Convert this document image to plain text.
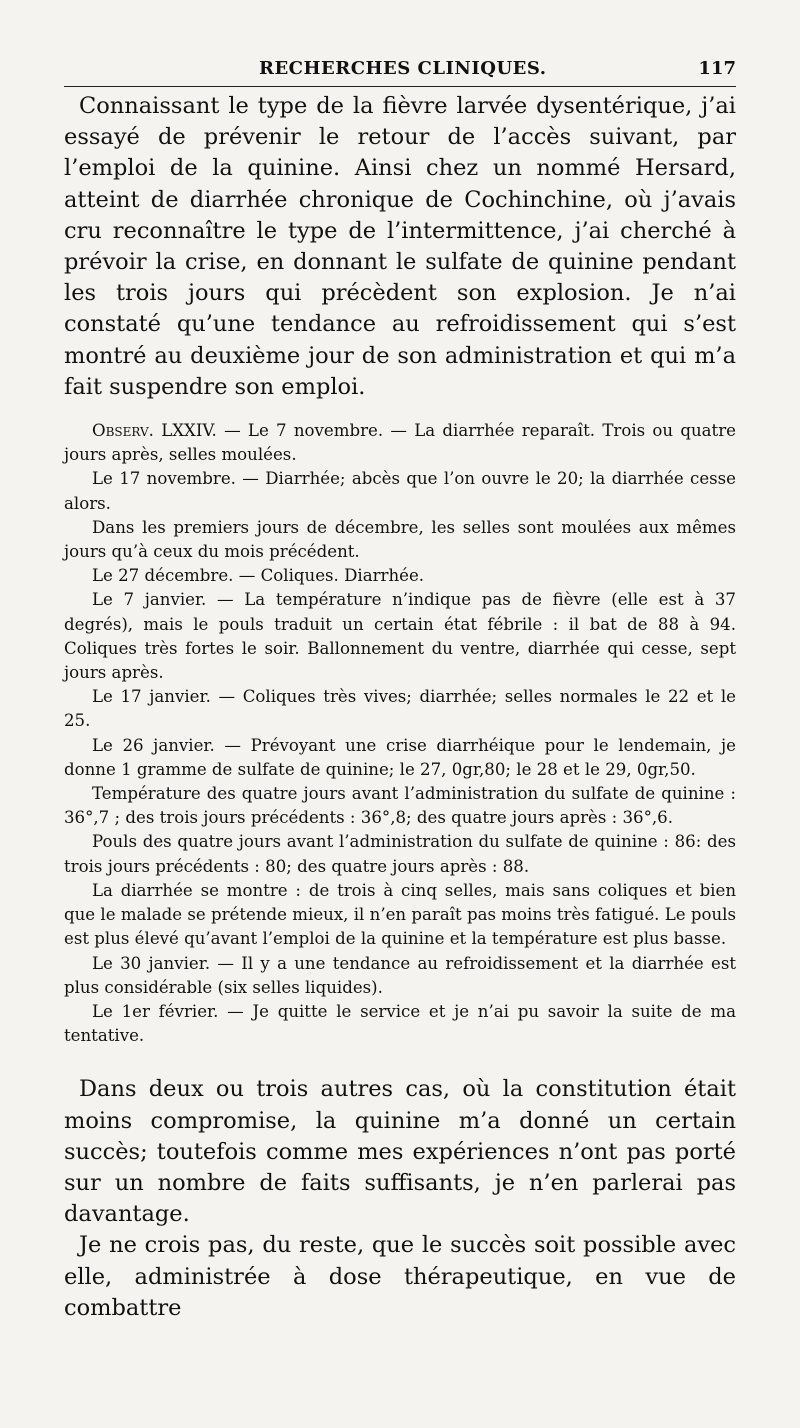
RECHERCHES CLINIQUES.	117

Connaissant le type de la fièvre larvée dysentérique, j’ai essayé de prévenir le retour de l’accès suivant, par l’emploi de la quinine. Ainsi chez un nommé Hersard, atteint de diarrhée chronique de Cochinchine, où j’avais cru reconnaître le type de l’intermittence, j’ai cherché à prévoir la crise, en donnant le sulfate de quinine pendant les trois jours qui précèdent son explosion. Je n’ai constaté qu’une tendance au refroidissement qui s’est montré au deuxième jour de son administration et qui m’a fait suspendre son emploi.

Observ. LXXIV. — Le 7 novembre. — La diarrhée reparaît. Trois ou quatre jours après, selles moulées.

Le 17 novembre. — Diarrhée; abcès que l’on ouvre le 20; la diarrhée cesse alors.

Dans les premiers jours de décembre, les selles sont moulées aux mêmes jours qu’à ceux du mois précédent.

Le 27 décembre. — Coliques. Diarrhée.

Le 7 janvier. — La température n’indique pas de fièvre (elle est à 37 degrés), mais le pouls traduit un certain état fébrile : il bat de 88 à 94. Coliques très fortes le soir. Ballonnement du ventre, diarrhée qui cesse, sept jours après.

Le 17 janvier. — Coliques très vives; diarrhée; selles normales le 22 et le 25.

Le 26 janvier. — Prévoyant une crise diarrhéique pour le lendemain, je donne 1 gramme de sulfate de quinine; le 27, 0gr,80; le 28 et le 29, 0gr,50.

Température des quatre jours avant l’administration du sulfate de quinine : 36°,7 ; des trois jours précédents : 36°,8; des quatre jours après : 36°,6.

Pouls des quatre jours avant l’administration du sulfate de quinine : 86: des trois jours précédents : 80; des quatre jours après : 88.

La diarrhée se montre : de trois à cinq selles, mais sans coliques et bien que le malade se prétende mieux, il n’en paraît pas moins très fatigué. Le pouls est plus élevé qu’avant l’emploi de la quinine et la température est plus basse.

Le 30 janvier. — Il y a une tendance au refroidissement et la diarrhée est plus considérable (six selles liquides).

Le 1er février. — Je quitte le service et je n’ai pu savoir la suite de ma tentative.

Dans deux ou trois autres cas, où la constitution était moins compromise, la quinine m’a donné un certain succès; toutefois comme mes expériences n’ont pas porté sur un nombre de faits suffisants, je n’en parlerai pas davantage.

Je ne crois pas, du reste, que le succès soit possible avec elle, administrée à dose thérapeutique, en vue de combattre
